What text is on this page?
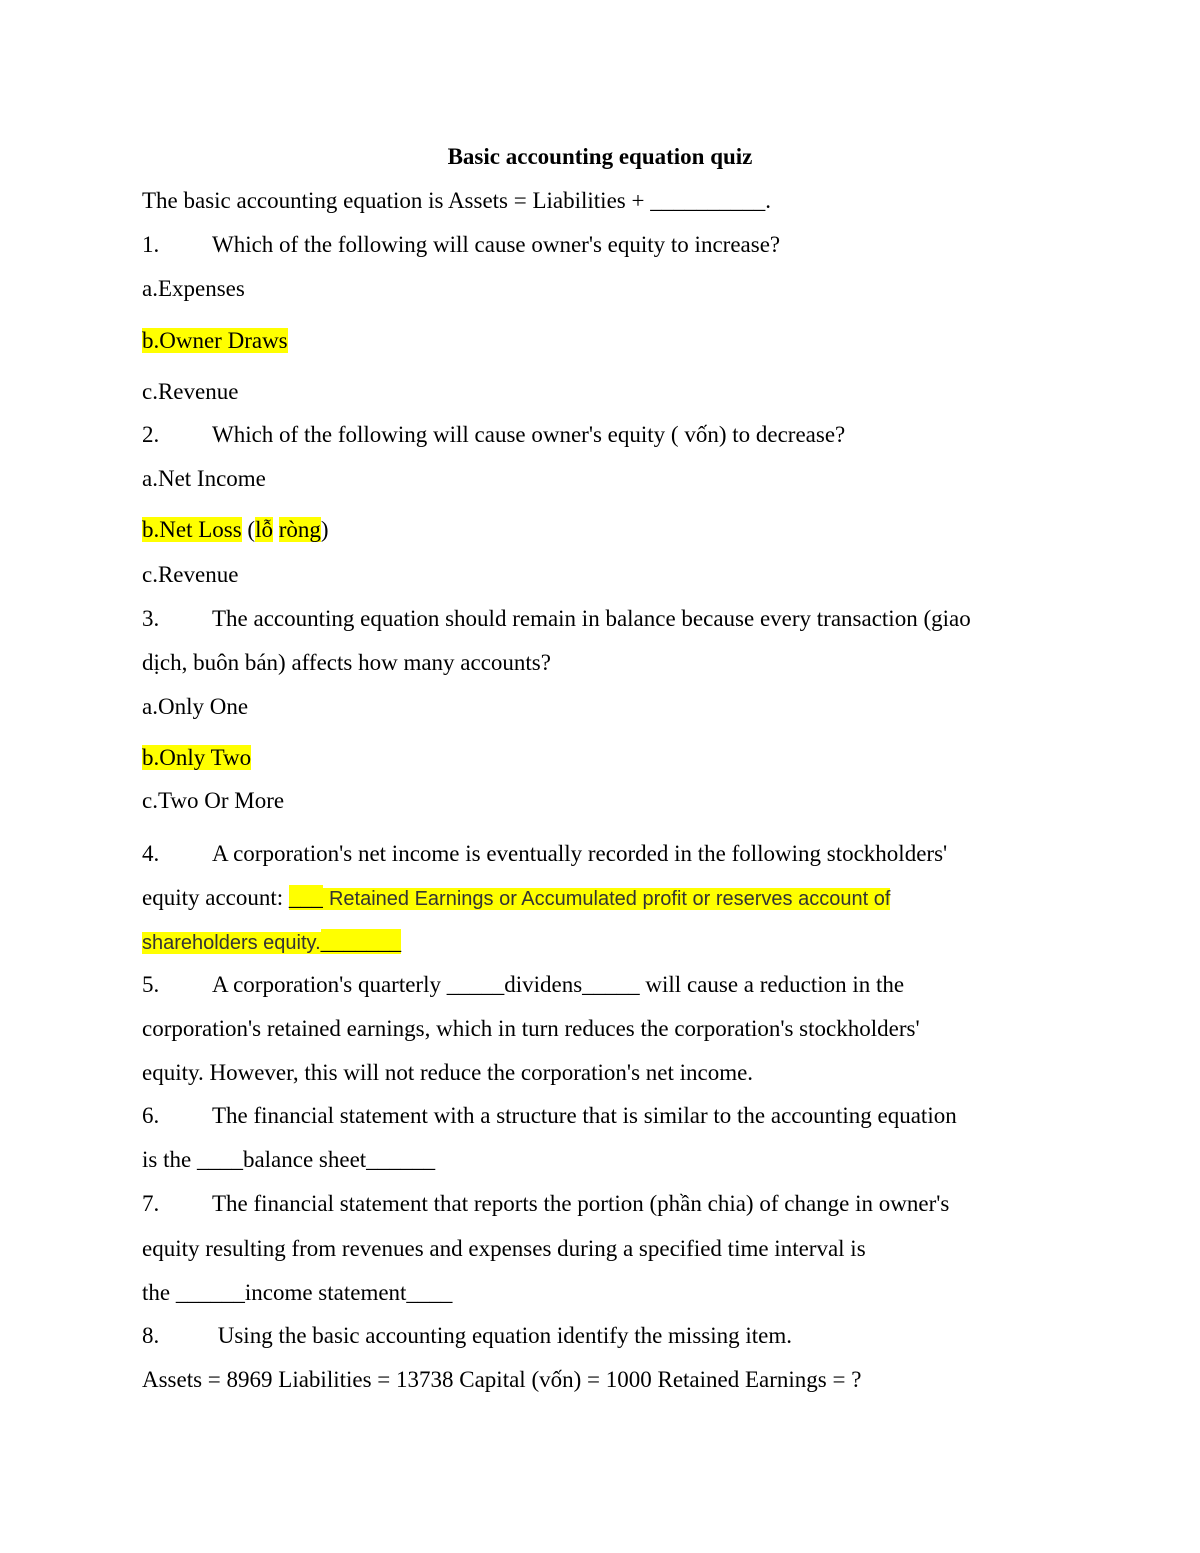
Basic accounting equation quiz
The basic accounting equation is Assets = Liabilities + __________.
1. Which of the following will cause owner's equity to increase?
a.Expenses
b.Owner Draws
c.Revenue
2. Which of the following will cause owner's equity ( vốn) to decrease?
a.Net Income
b.Net Loss (lỗ ròng)
c.Revenue
3. The accounting equation should remain in balance because every transaction (giao
dịch, buôn bán) affects how many accounts?
a.Only One
b.Only Two
c.Two Or More
4. A corporation's net income is eventually recorded in the following stockholders'
equity account: ___ Retained Earnings or Accumulated profit or reserves account of
shareholders equity._______
5. A corporation's quarterly _____dividens_____ will cause a reduction in the
corporation's retained earnings, which in turn reduces the corporation's stockholders'
equity. However, this will not reduce the corporation's net income.
6. The financial statement with a structure that is similar to the accounting equation
is the ____balance sheet______
7. The financial statement that reports the portion (phần chia) of change in owner's
equity resulting from revenues and expenses during a specified time interval is
the ______income statement____
8. Using the basic accounting equation identify the missing item.
Assets = 8969 Liabilities = 13738 Capital (vốn) = 1000 Retained Earnings = ?
